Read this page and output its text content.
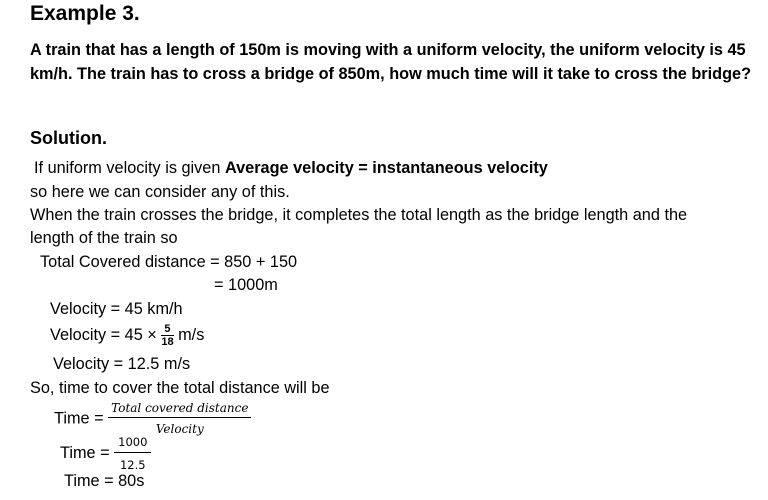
Example 3.
A train that has a length of 150m is moving with a uniform velocity, the uniform velocity is 45 km/h. The train has to cross a bridge of 850m, how much time will it take to cross the bridge?
Solution.
If uniform velocity is given Average velocity = instantaneous velocity
so here we can consider any of this.
When the train crosses the bridge, it completes the total length as the bridge length and the
length of the train so
Total Covered distance = 850 + 150
= 1000m
Velocity = 45 km/h
Velocity = $45 \times \frac{5}{18} m/s$
Velocity = 12.5 m/s
So, time to cover the total distance will be
Time = $\frac{\text{Total covered distance}}{\text{Velocity}}$
Time = $\frac{1000}{12.5}$
Time = 80s
